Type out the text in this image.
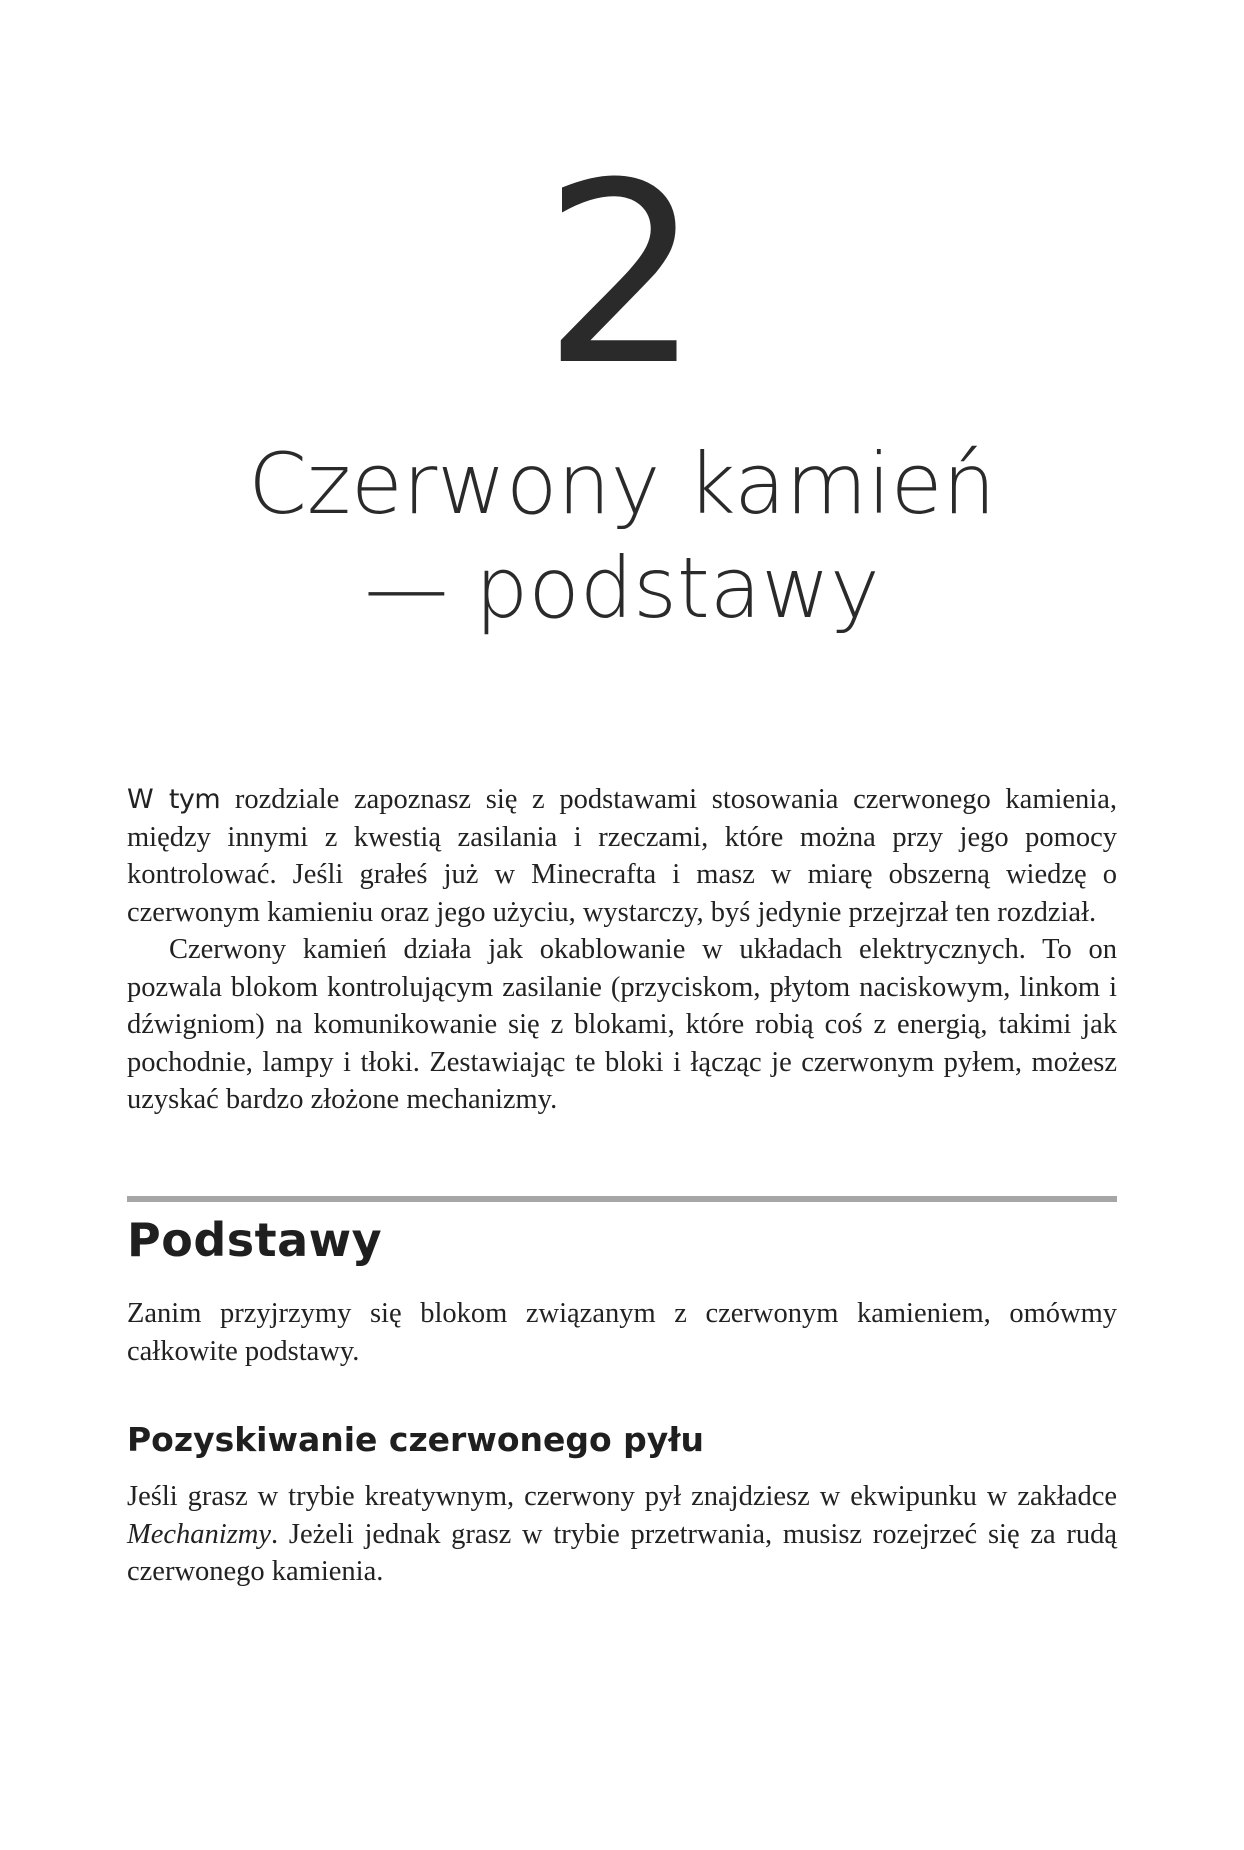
2
Czerwony kamień
— podstawy

W tym rozdziale zapoznasz się z podstawami stosowania czerwonego kamienia, między innymi z kwestią zasilania i rzeczami, które można przy jego pomocy kontrolować. Jeśli grałeś już w Minecrafta i masz w miarę obszerną wiedzę o czerwonym kamieniu oraz jego użyciu, wystarczy, byś jedynie przejrzał ten rozdział.

Czerwony kamień działa jak okablowanie w układach elektrycznych. To on pozwala blokom kontrolującym zasilanie (przyciskom, płytom naciskowym, linkom i dźwigniom) na komunikowanie się z blokami, które robią coś z energią, takimi jak pochodnie, lampy i tłoki. Zestawiając te bloki i łącząc je czerwonym pyłem, możesz uzyskać bardzo złożone mechanizmy.

Podstawy

Zanim przyjrzymy się blokom związanym z czerwonym kamieniem, omówmy całkowite podstawy.

Pozyskiwanie czerwonego pyłu

Jeśli grasz w trybie kreatywnym, czerwony pył znajdziesz w ekwipunku w zakładce Mechanizmy. Jeżeli jednak grasz w trybie przetrwania, musisz rozejrzeć się za rudą czerwonego kamienia.
